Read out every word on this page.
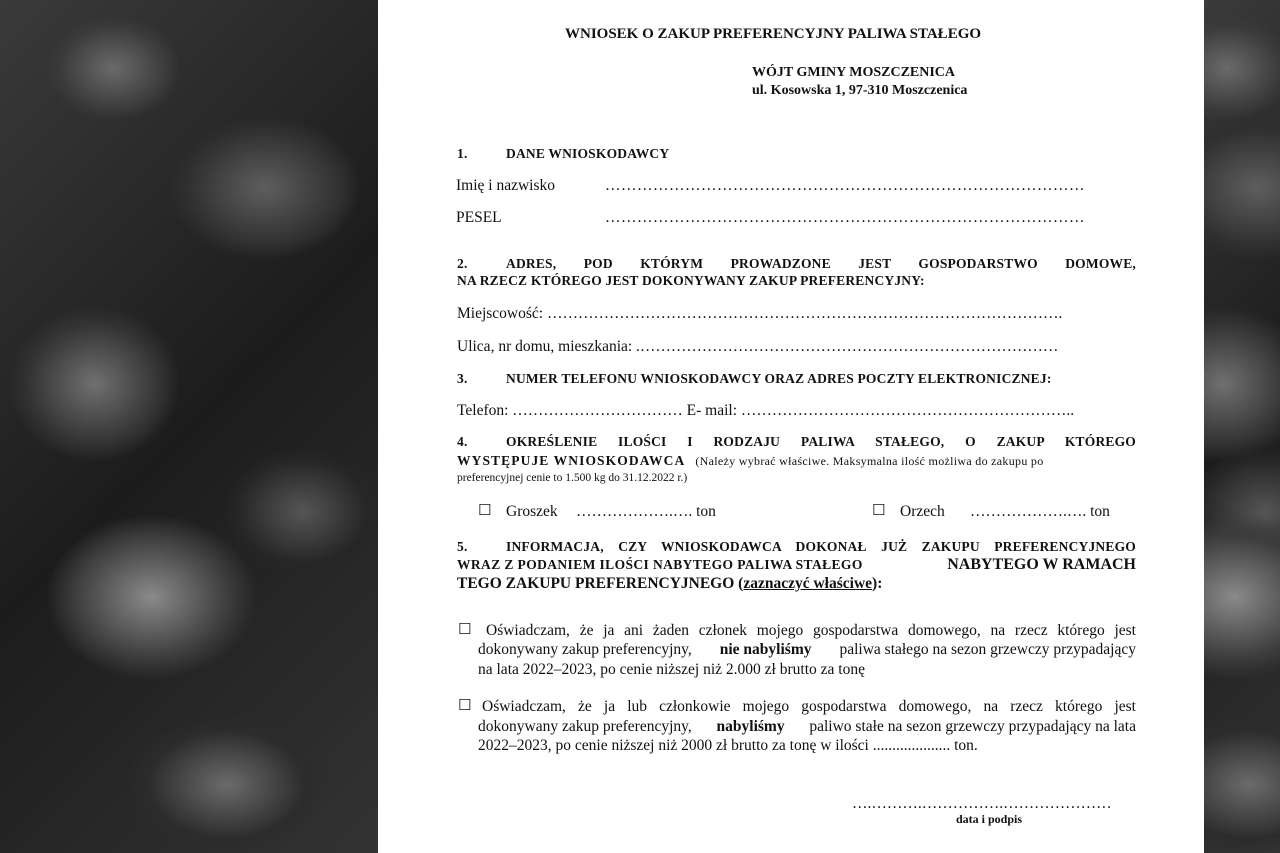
WNIOSEK O ZAKUP PREFERENCYJNY PALIWA STAŁEGO
WÓJT GMINY MOSZCZENICA
ul. Kosowska 1, 97-310 Moszczenica
1.	DANE WNIOSKODAWCY
Imię i nazwisko	………………………………………………………………………………
PESEL	………………………………………………………………………………
2.	ADRES, POD KTÓRYM PROWADZONE JEST GOSPODARSTWO DOMOWE,
NA RZECZ KTÓREGO JEST DOKONYWANY ZAKUP PREFERENCYJNY:
Miejscowość: ……………………………………………………………………………………….
Ulica, nr domu, mieszkania: .………………………………………………………………………
3.	NUMER TELEFONU WNIOSKODAWCY ORAZ ADRES POCZTY ELEKTRONICZNEJ:
Telefon: …………………………… E- mail: ………………………………………………………..
4.	OKREŚLENIE ILOŚCI I RODZAJU PALIWA STAŁEGO, O ZAKUP KTÓREGO
WYSTĘPUJE WNIOSKODAWCA (Należy wybrać właściwe. Maksymalna ilość możliwa do zakupu po
preferencyjnej cenie to 1.500 kg do 31.12.2022 r.)
☐ Groszek ……………….…. ton	☐ Orzech ……………….…. ton
5.	INFORMACJA, CZY WNIOSKODAWCA DOKONAŁ JUŻ ZAKUPU PREFERENCYJNEGO
WRAZ Z PODANIEM ILOŚCI NABYTEGO PALIWA STAŁEGO	NABYTEGO W RAMACH
TEGO ZAKUPU PREFERENCYJNEGO (zaznaczyć właściwe):
☐ Oświadczam, że ja ani żaden członek mojego gospodarstwa domowego, na rzecz którego jest
dokonywany zakup preferencyjny, nie nabyliśmy paliwa stałego na sezon grzewczy przypadający
na lata 2022–2023, po cenie niższej niż 2.000 zł brutto za tonę
☐ Oświadczam, że ja lub członkowie mojego gospodarstwa domowego, na rzecz którego jest
dokonywany zakup preferencyjny, nabyliśmy paliwo stałe na sezon grzewczy przypadający na lata
2022–2023, po cenie niższej niż 2000 zł brutto za tonę w ilości .................... ton.
….……….…………….…………………
data i podpis
